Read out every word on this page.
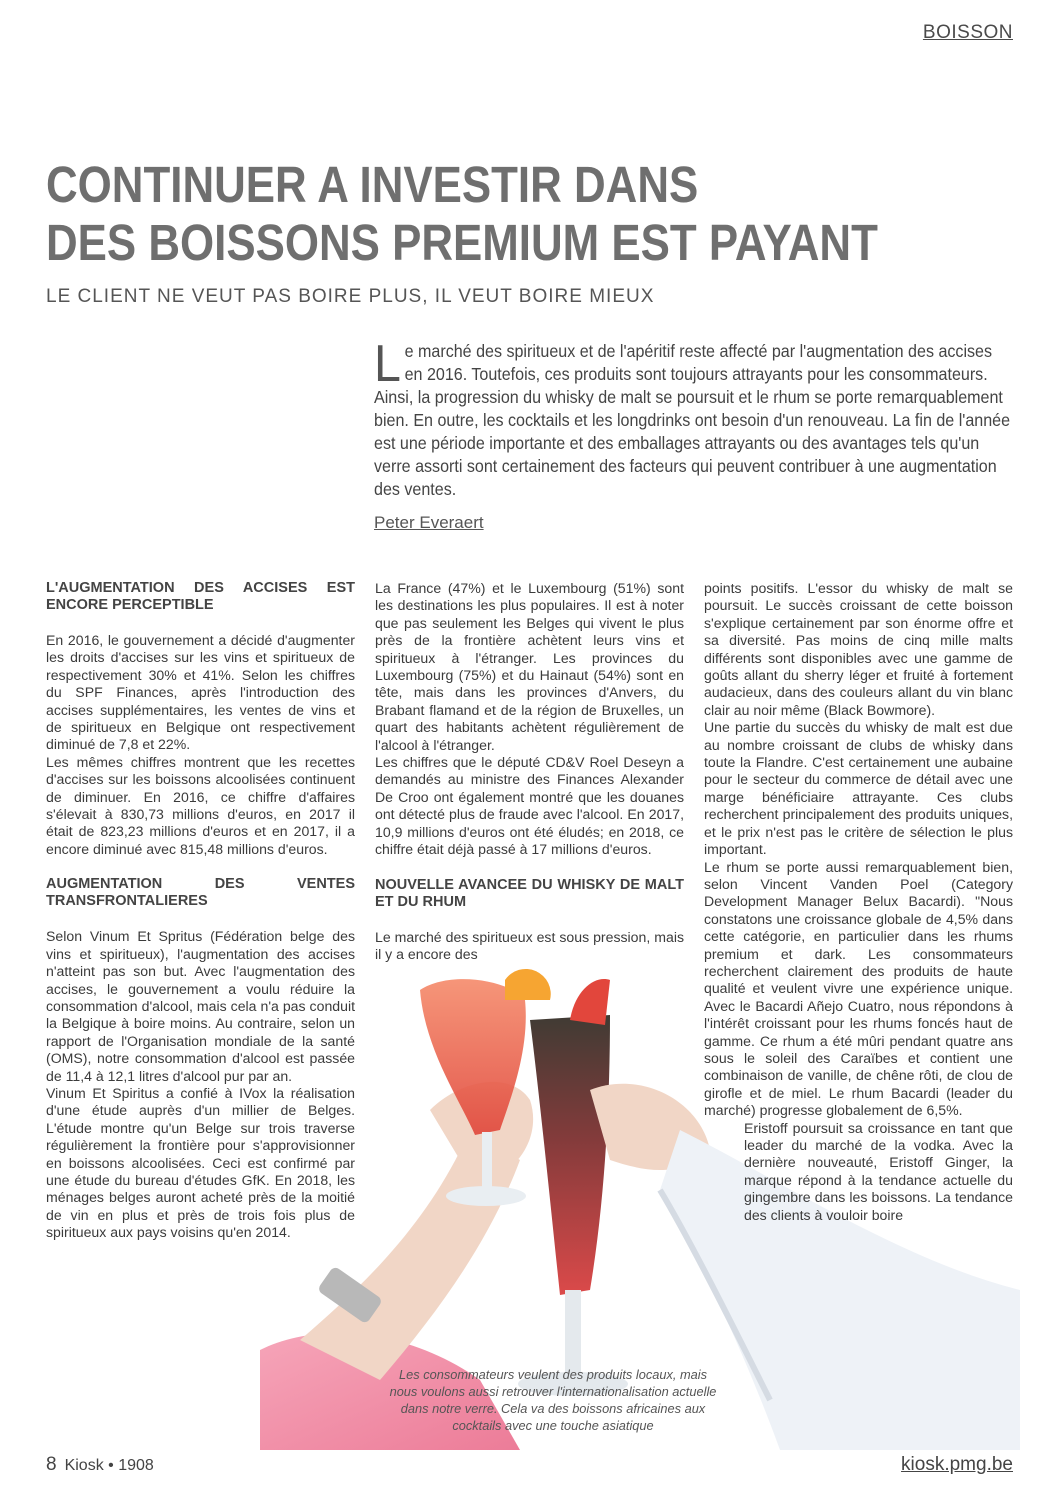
BOISSON
CONTINUER A INVESTIR DANS
DES BOISSONS PREMIUM EST PAYANT
LE CLIENT NE VEUT PAS BOIRE PLUS, IL VEUT BOIRE MIEUX
Le marché des spiritueux et de l'apéritif reste affecté par l'augmentation des accises en 2016. Toutefois, ces produits sont toujours attrayants pour les consommateurs. Ainsi, la progression du whisky de malt se poursuit et le rhum se porte remarquablement bien. En outre, les cocktails et les longdrinks ont besoin d'un renouveau. La fin de l'année est une période importante et des emballages attrayants ou des avantages tels qu'un verre assorti sont certainement des facteurs qui peuvent contribuer à une augmentation des ventes.
Peter Everaert
L'AUGMENTATION DES ACCISES EST ENCORE PERCEPTIBLE

En 2016, le gouvernement a décidé d'augmenter les droits d'accises sur les vins et spiritueux de respectivement 30% et 41%. Selon les chiffres du SPF Finances, après l'introduction des accises supplémentaires, les ventes de vins et de spiritueux en Belgique ont respectivement diminué de 7,8 et 22%.

Les mêmes chiffres montrent que les recettes d'accises sur les boissons alcoolisées continuent de diminuer. En 2016, ce chiffre d'affaires s'élevait à 830,73 millions d'euros, en 2017 il était de 823,23 millions d'euros et en 2017, il a encore diminué avec 815,48 millions d'euros.

AUGMENTATION DES VENTES TRANSFRONTALIERES

Selon Vinum Et Spritus (Fédération belge des vins et spiritueux), l'augmentation des accises n'atteint pas son but. Avec l'augmentation des accises, le gouvernement a voulu réduire la consommation d'alcool, mais cela n'a pas conduit la Belgique à boire moins. Au contraire, selon un rapport de l'Organisation mondiale de la santé (OMS), notre consommation d'alcool est passée de 11,4 à 12,1 litres d'alcool pur par an.

Vinum Et Spiritus a confié à IVox la réalisation d'une étude auprès d'un millier de Belges. L'étude montre qu'un Belge sur trois traverse régulièrement la frontière pour s'approvisionner en boissons alcoolisées. Ceci est confirmé par une étude du bureau d'études GfK. En 2018, les ménages belges auront acheté près de la moitié de vin en plus et près de trois fois plus de spiritueux aux pays voisins qu'en 2014.

La France (47%) et le Luxembourg (51%) sont les destinations les plus populaires. Il est à noter que pas seulement les Belges qui vivent le plus près de la frontière achètent leurs vins et spiritueux à l'étranger. Les provinces du Luxembourg (75%) et du Hainaut (54%) sont en tête, mais dans les provinces d'Anvers, du Brabant flamand et de la région de Bruxelles, un quart des habitants achètent régulièrement de l'alcool à l'étranger.

Les chiffres que le député CD&V Roel Deseyn a demandés au ministre des Finances Alexander De Croo ont également montré que les douanes ont détecté plus de fraude avec l'alcool. En 2017, 10,9 millions d'euros ont été éludés; en 2018, ce chiffre était déjà passé à 17 millions d'euros.

NOUVELLE AVANCEE DU WHISKY DE MALT ET DU RHUM

Le marché des spiritueux est sous pression, mais il y a encore des

points positifs. L'essor du whisky de malt se poursuit. Le succès croissant de cette boisson s'explique certainement par son énorme offre et sa diversité. Pas moins de cinq mille malts différents sont disponibles avec une gamme de goûts allant du sherry léger et fruité à fortement audacieux, dans des couleurs allant du vin blanc clair au noir même (Black Bowmore).

Une partie du succès du whisky de malt est due au nombre croissant de clubs de whisky dans toute la Flandre. C'est certainement une aubaine pour le secteur du commerce de détail avec une marge bénéficiaire attrayante. Ces clubs recherchent principalement des produits uniques, et le prix n'est pas le critère de sélection le plus important.

Le rhum se porte aussi remarquablement bien, selon Vincent Vanden Poel (Category Development Manager Belux Bacardi). "Nous constatons une croissance globale de 4,5% dans cette catégorie, en particulier dans les rhums premium et dark. Les consommateurs recherchent clairement des produits de haute qualité et veulent vivre une expérience unique. Avec le Bacardi Añejo Cuatro, nous répondons à l'intérêt croissant pour les rhums foncés haut de gamme. Ce rhum a été mûri pendant quatre ans sous le soleil des Caraïbes et contient une combinaison de vanille, de chêne rôti, de clou de girofle et de miel. Le rhum Bacardi (leader du marché) progresse globalement de 6,5%.

Eristoff poursuit sa croissance en tant que leader du marché de la vodka. Avec la dernière nouveauté, Eristoff Ginger, la marque répond à la tendance actuelle du gingembre dans les boissons. La tendance des clients à vouloir boire

Les consommateurs veulent des produits locaux, mais nous voulons aussi retrouver l'internationalisation actuelle dans notre verre. Cela va des boissons africaines aux cocktails avec une touche asiatique
8 Kiosk • 1908	kiosk.pmg.be
